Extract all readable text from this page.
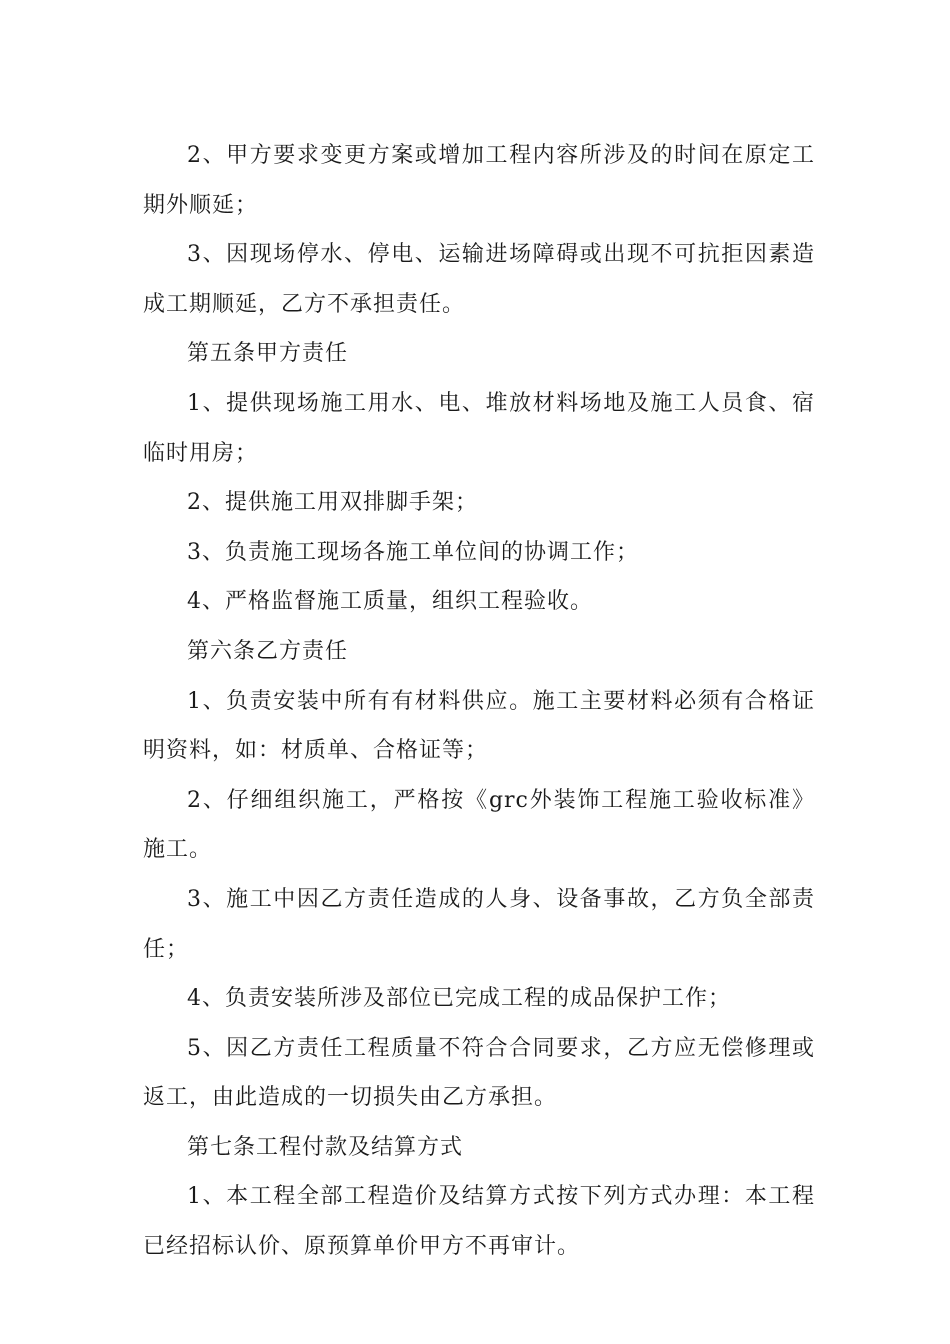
2、甲方要求变更方案或增加工程内容所涉及的时间在原定工期外顺延；

3、因现场停水、停电、运输进场障碍或出现不可抗拒因素造成工期顺延，乙方不承担责任。

第五条甲方责任

1、提供现场施工用水、电、堆放材料场地及施工人员食、宿临时用房；

2、提供施工用双排脚手架；

3、负责施工现场各施工单位间的协调工作；

4、严格监督施工质量，组织工程验收。

第六条乙方责任

1、负责安装中所有有材料供应。施工主要材料必须有合格证明资料，如：材质单、合格证等；

2、仔细组织施工，严格按《grc外装饰工程施工验收标准》施工。

3、施工中因乙方责任造成的人身、设备事故，乙方负全部责任；

4、负责安装所涉及部位已完成工程的成品保护工作；

5、因乙方责任工程质量不符合合同要求，乙方应无偿修理或返工，由此造成的一切损失由乙方承担。

第七条工程付款及结算方式

1、本工程全部工程造价及结算方式按下列方式办理：本工程已经招标认价、原预算单价甲方不再审计。
